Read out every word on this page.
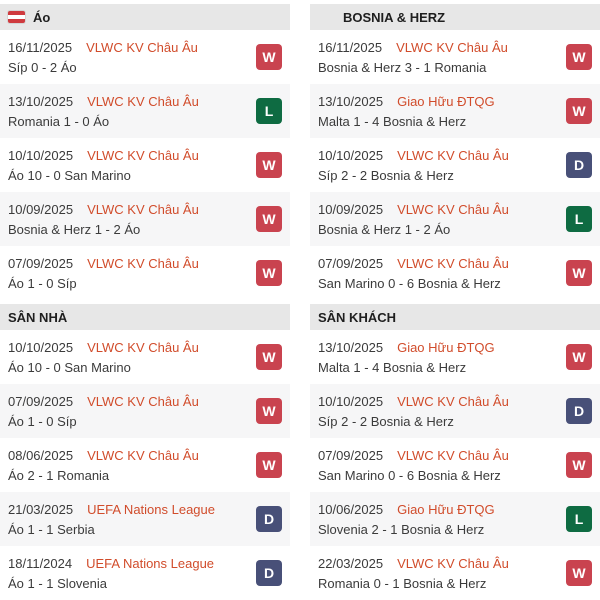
Áo
16/11/2025 VLWC KV Châu Âu
Síp 0 - 2 Áo
W
13/10/2025 VLWC KV Châu Âu
Romania 1 - 0 Áo
L
10/10/2025 VLWC KV Châu Âu
Áo 10 - 0 San Marino
W
10/09/2025 VLWC KV Châu Âu
Bosnia & Herz 1 - 2 Áo
W
07/09/2025 VLWC KV Châu Âu
Áo 1 - 0 Síp
W
SÂN NHÀ
10/10/2025 VLWC KV Châu Âu
Áo 10 - 0 San Marino
W
07/09/2025 VLWC KV Châu Âu
Áo 1 - 0 Síp
W
08/06/2025 VLWC KV Châu Âu
Áo 2 - 1 Romania
W
21/03/2025 UEFA Nations League
Áo 1 - 1 Serbia
D
18/11/2024 UEFA Nations League
Áo 1 - 1 Slovenia
D
BOSNIA & HERZ
16/11/2025 VLWC KV Châu Âu
Bosnia & Herz 3 - 1 Romania
W
13/10/2025 Giao Hữu ĐTQG
Malta 1 - 4 Bosnia & Herz
W
10/10/2025 VLWC KV Châu Âu
Síp 2 - 2 Bosnia & Herz
D
10/09/2025 VLWC KV Châu Âu
Bosnia & Herz 1 - 2 Áo
L
07/09/2025 VLWC KV Châu Âu
San Marino 0 - 6 Bosnia & Herz
W
SÂN KHÁCH
13/10/2025 Giao Hữu ĐTQG
Malta 1 - 4 Bosnia & Herz
W
10/10/2025 VLWC KV Châu Âu
Síp 2 - 2 Bosnia & Herz
D
07/09/2025 VLWC KV Châu Âu
San Marino 0 - 6 Bosnia & Herz
W
10/06/2025 Giao Hữu ĐTQG
Slovenia 2 - 1 Bosnia & Herz
L
22/03/2025 VLWC KV Châu Âu
Romania 0 - 1 Bosnia & Herz
W
